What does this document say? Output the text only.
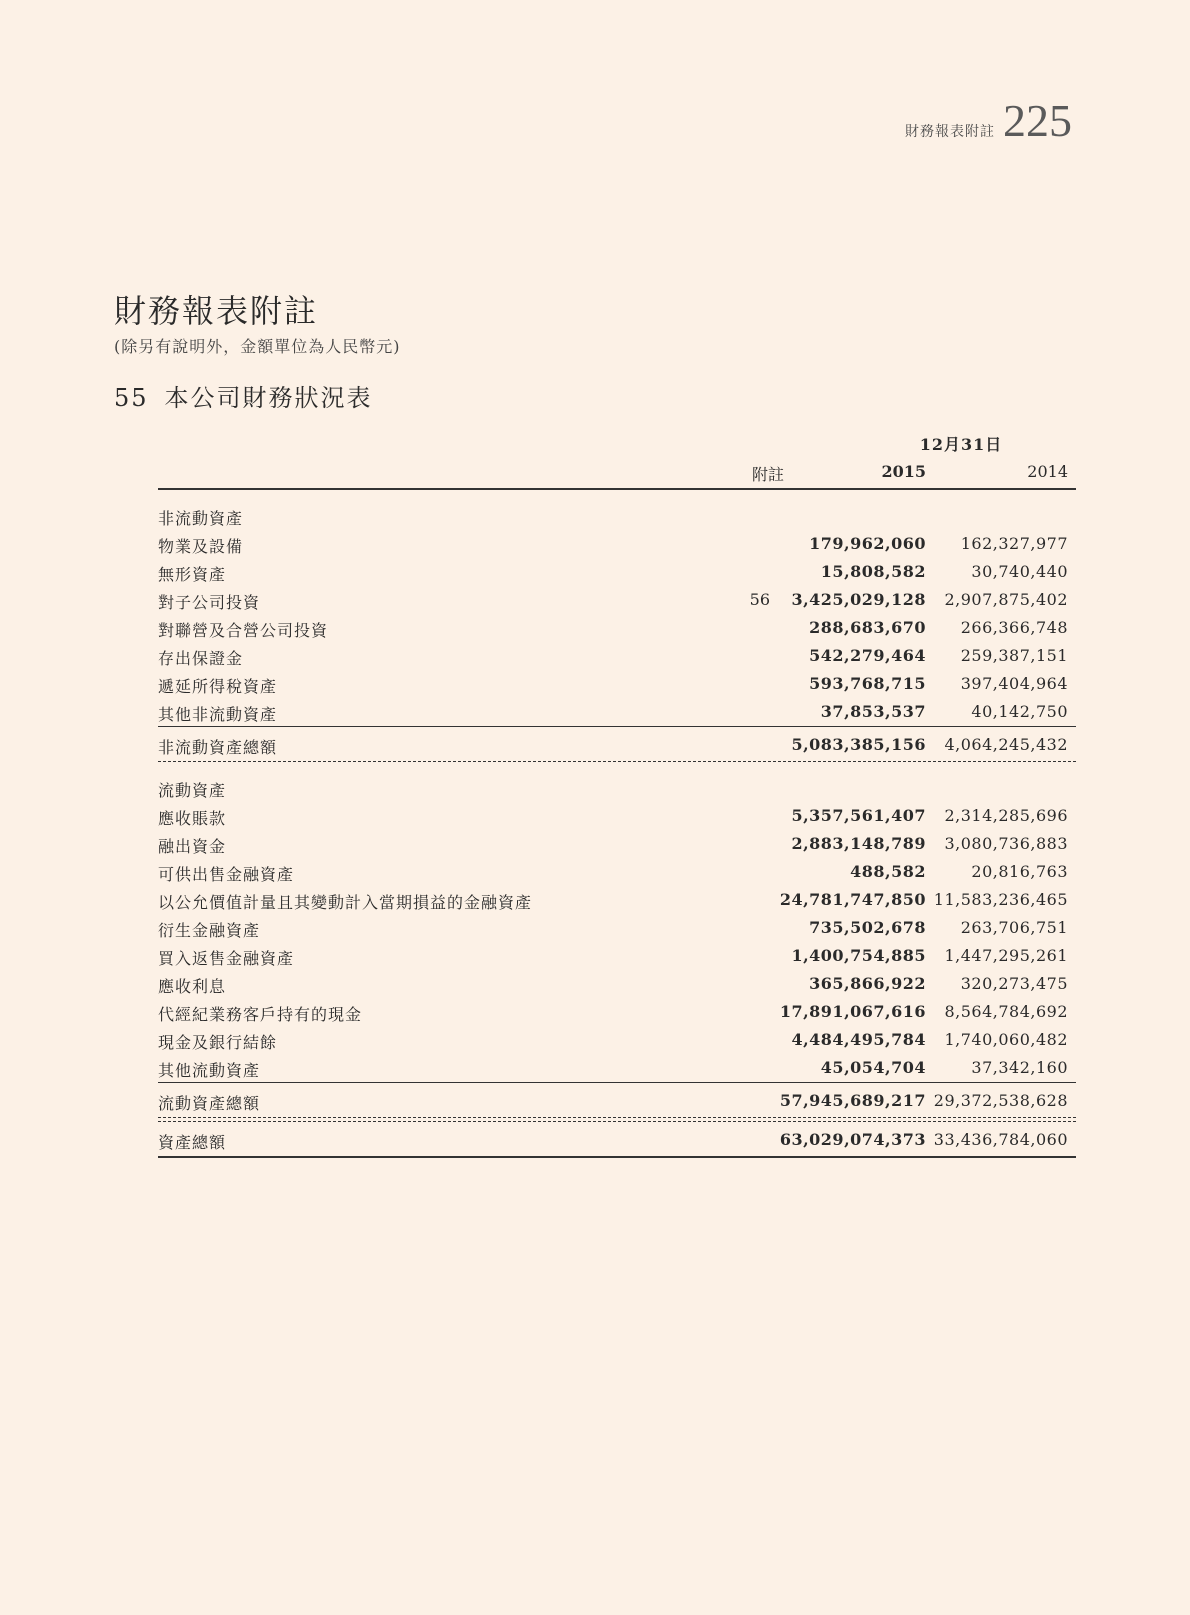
財務報表附註 225
財務報表附註
(除另有說明外，金額單位為人民幣元)
55 本公司財務狀況表
12月31日
附註	2015	2014
非流動資產
物業及設備	179,962,060 162,327,977
無形資產	15,808,582	30,740,440
對子公司投資	56 3,425,029,128 2,907,875,402
對聯營及合營公司投資	288,683,670 266,366,748
存出保證金	542,279,464 259,387,151
遞延所得稅資產	593,768,715 397,404,964
其他非流動資產	37,853,537	40,142,750
非流動資產總額	5,083,385,156 4,064,245,432
流動資產
應收賬款	5,357,561,407 2,314,285,696
融出資金	2,883,148,789 3,080,736,883
可供出售金融資產	488,582	20,816,763
以公允價值計量且其變動計入當期損益的金融資產	24,781,747,850 11,583,236,465
衍生金融資產	735,502,678 263,706,751
買入返售金融資產	1,400,754,885 1,447,295,261
應收利息	365,866,922 320,273,475
代經紀業務客戶持有的現金	17,891,067,616 8,564,784,692
現金及銀行結餘	4,484,495,784 1,740,060,482
其他流動資產	45,054,704	37,342,160
流動資產總額	57,945,689,217 29,372,538,628
資產總額	63,029,074,373 33,436,784,060
